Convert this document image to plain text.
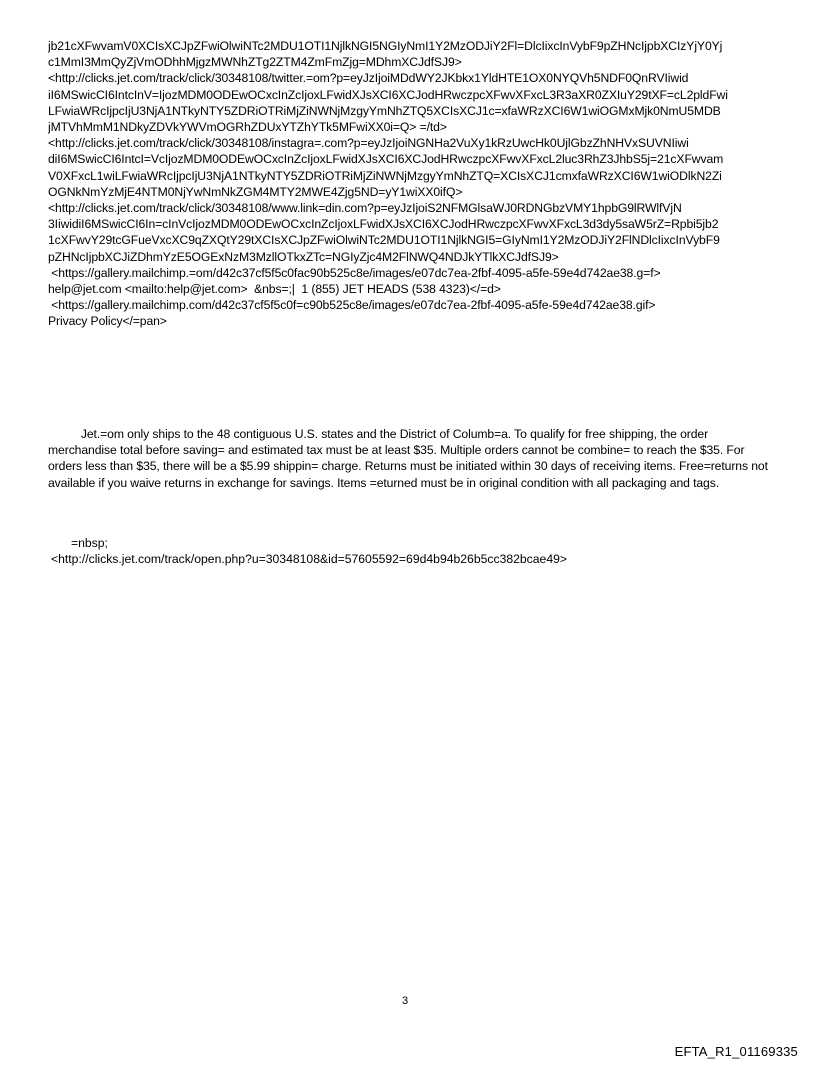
jb21cXFwvamV0XCIsXCJpZFwiOlwiNTc2MDU1OTI1NjlkNGI5NGIyNmI1Y2MzODJiY2Fl=DlcIixcInVybF9pZHNcIjpbXCIzYjY0Yj
c1MmI3MmQyZjVmODhhMjgzMWNhZTg2ZTM4ZmFmZjg=MDhmXCJdfSJ9>
<http://clicks.jet.com/track/click/30348108/twitter.=om?p=eyJzIjoiMDdWY2JKbkx1YldHTE1OX0NYQVh5NDF0QnRVIiwid
iI6MSwicCI6IntcInV=IjozMDM0ODEwOCxcInZcIjoxLFwidXJsXCI6XCJodHRwczpcXFwvXFxcL3R3aXR0ZXIuY29tXF=cL2pldFwi
LFwiaWRcIjpcIjU3NjA1NTkyNTY5ZDRiOTRiMjZiNWNjMzgyYmNhZTQ5XCIsXCJ1c=xfaWRzXCI6W1wiOGMxMjk0NmU5MDB
jMTVhMmM1NDkyZDVkYWVmOGRhZDUxYTZhYTk5MFwiXX0i=Q> =/td>
<http://clicks.jet.com/track/click/30348108/instagra=.com?p=eyJzIjoiNGNHa2VuXy1kRzUwcHk0UjlGbzZhNHVxSUVNIiwi
diI6MSwicCI6IntcI=VcIjozMDM0ODEwOCxcInZcIjoxLFwidXJsXCI6XCJodHRwczpcXFwvXFxcL2luc3RhZ3JhbS5j=21cXFwvam
V0XFxcL1wiLFwiaWRcIjpcIjU3NjA1NTkyNTY5ZDRiOTRiMjZiNWNjMzgyYmNhZTQ=XCIsXCJ1cmxfaWRzXCI6W1wiODlkN2Zi
OGNkNmYzMjE4NTM0NjYwNmNkZGM4MTY2MWE4Zjg5ND=yY1wiXX0ifQ>
<http://clicks.jet.com/track/click/30348108/www.link=din.com?p=eyJzIjoiS2NFMGlsaWJ0RDNGbzVMY1hpbG9lRWlfVjN
3IiwidiI6MSwicCI6In=cInVcIjozMDM0ODEwOCxcInZcIjoxLFwidXJsXCI6XCJodHRwczpcXFwvXFxcL3d3dy5saW5rZ=Rpbi5jb2
1cXFwvY29tcGFueVxcXC9qZXQtY29tXCIsXCJpZFwiOlwiNTc2MDU1OTI1NjlkNGI5=GIyNmI1Y2MzODJiY2FlNDlcIixcInVybF9
pZHNcIjpbXCJiZDhmYzE5OGExNzM3MzllOTkxZTc=NGIyZjc4M2FlNWQ4NDJkYTlkXCJdfSJ9>
<https://gallery.mailchimp.=om/d42c37cf5f5c0fac90b525c8e/images/e07dc7ea-2fbf-4095-a5fe-59e4d742ae38.g=f>
help@jet.com <mailto:help@jet.com>  &nbs=;|  1 (855) JET HEADS (538 4323)</=d>
<https://gallery.mailchimp.com/d42c37cf5f5c0f=c90b525c8e/images/e07dc7ea-2fbf-4095-a5fe-59e4d742ae38.gif>
Privacy Policy</=pan>
Jet.=om only ships to the 48 contiguous U.S. states and the District of Columb=a. To qualify for free shipping, the order merchandise total before saving= and estimated tax must be at least $35. Multiple orders cannot be combine= to reach the $35. For orders less than $35, there will be a $5.99 shippin= charge. Returns must be initiated within 30 days of receiving items. Free=returns not available if you waive returns in exchange for savings. Items =eturned must be in original condition with all packaging and tags.
=nbsp;
<http://clicks.jet.com/track/open.php?u=30348108&id=57605592=69d4b94b26b5cc382bcae49>
3
EFTA_R1_01169335
